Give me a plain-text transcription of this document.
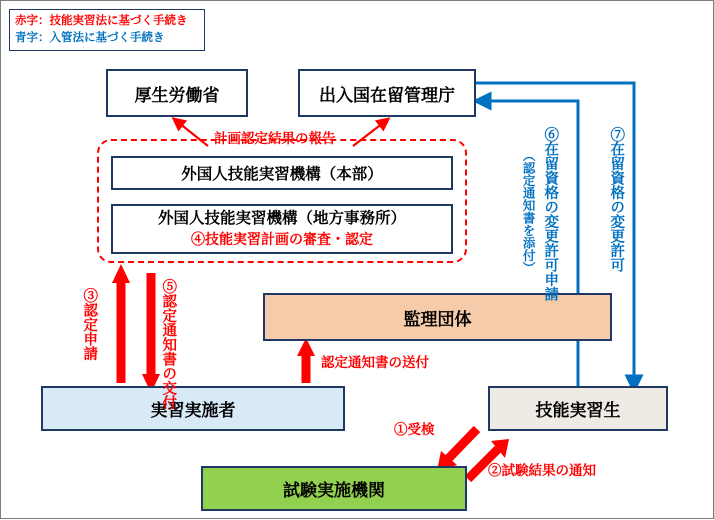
赤字：技能実習法に基づく手続き
青字：入管法に基づく手続き
厚生労働省	出入国在留管理庁
外国人技能実習機構（本部）
外国人技能実習機構（地方事務所）
④技能実習計画の審査・認定
監理団体
実習実施者	技能実習生
試験実施機関
計画認定結果の報告
認定通知書の送付
①受検
②試験結果の通知
③認定申請	⑤認定通知書の交付
⑥在留資格の変更許可申請
（認定通知書を添付）	⑦在留資格の変更許可
